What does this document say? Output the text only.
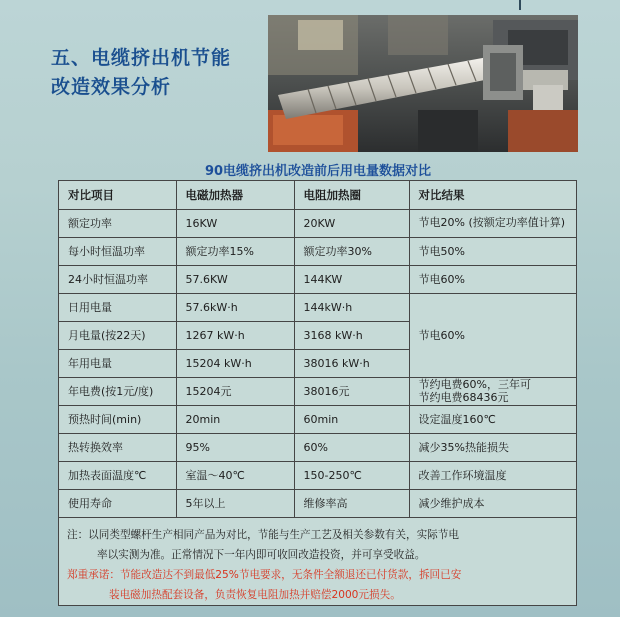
五、电缆挤出机节能
改造效果分析
90电缆挤出机改造前后用电量数据对比
对比项目	电磁加热器	电阻加热圈	对比结果
额定功率	16KW	20KW	节电20% (按额定功率值计算)
每小时恒温功率	额定功率15%	额定功率30%	节电50%
24小时恒温功率	57.6KW	144KW	节电60%
日用电量	57.6kW·h	144kW·h	节电60%
月电量(按22天)	1267 kW·h	3168 kW·h	
年用电量	15204 kW·h	38016 kW·h	
年电费(按1元/度)	15204元	38016元	节约电费60%，三年可
节约电费68436元

预热时间(min)	20min	60min	设定温度160℃
热转换效率	95%	60%	减少35%热能损失
加热表面温度℃	室温～40℃	150-250℃	改善工作环境温度
使用寿命	5年以上	维修率高	减少维护成本
注：以同类型螺杆生产相同产品为对比，节能与生产工艺及相关参数有关，实际节电
率以实测为准。正常情况下一年内即可收回改造投资，并可享受收益。
郑重承诺：节能改造达不到最低25%节电要求，无条件全额退还已付货款，拆回已安
装电磁加热配套设备，负责恢复电阻加热并赔偿2000元损失。
